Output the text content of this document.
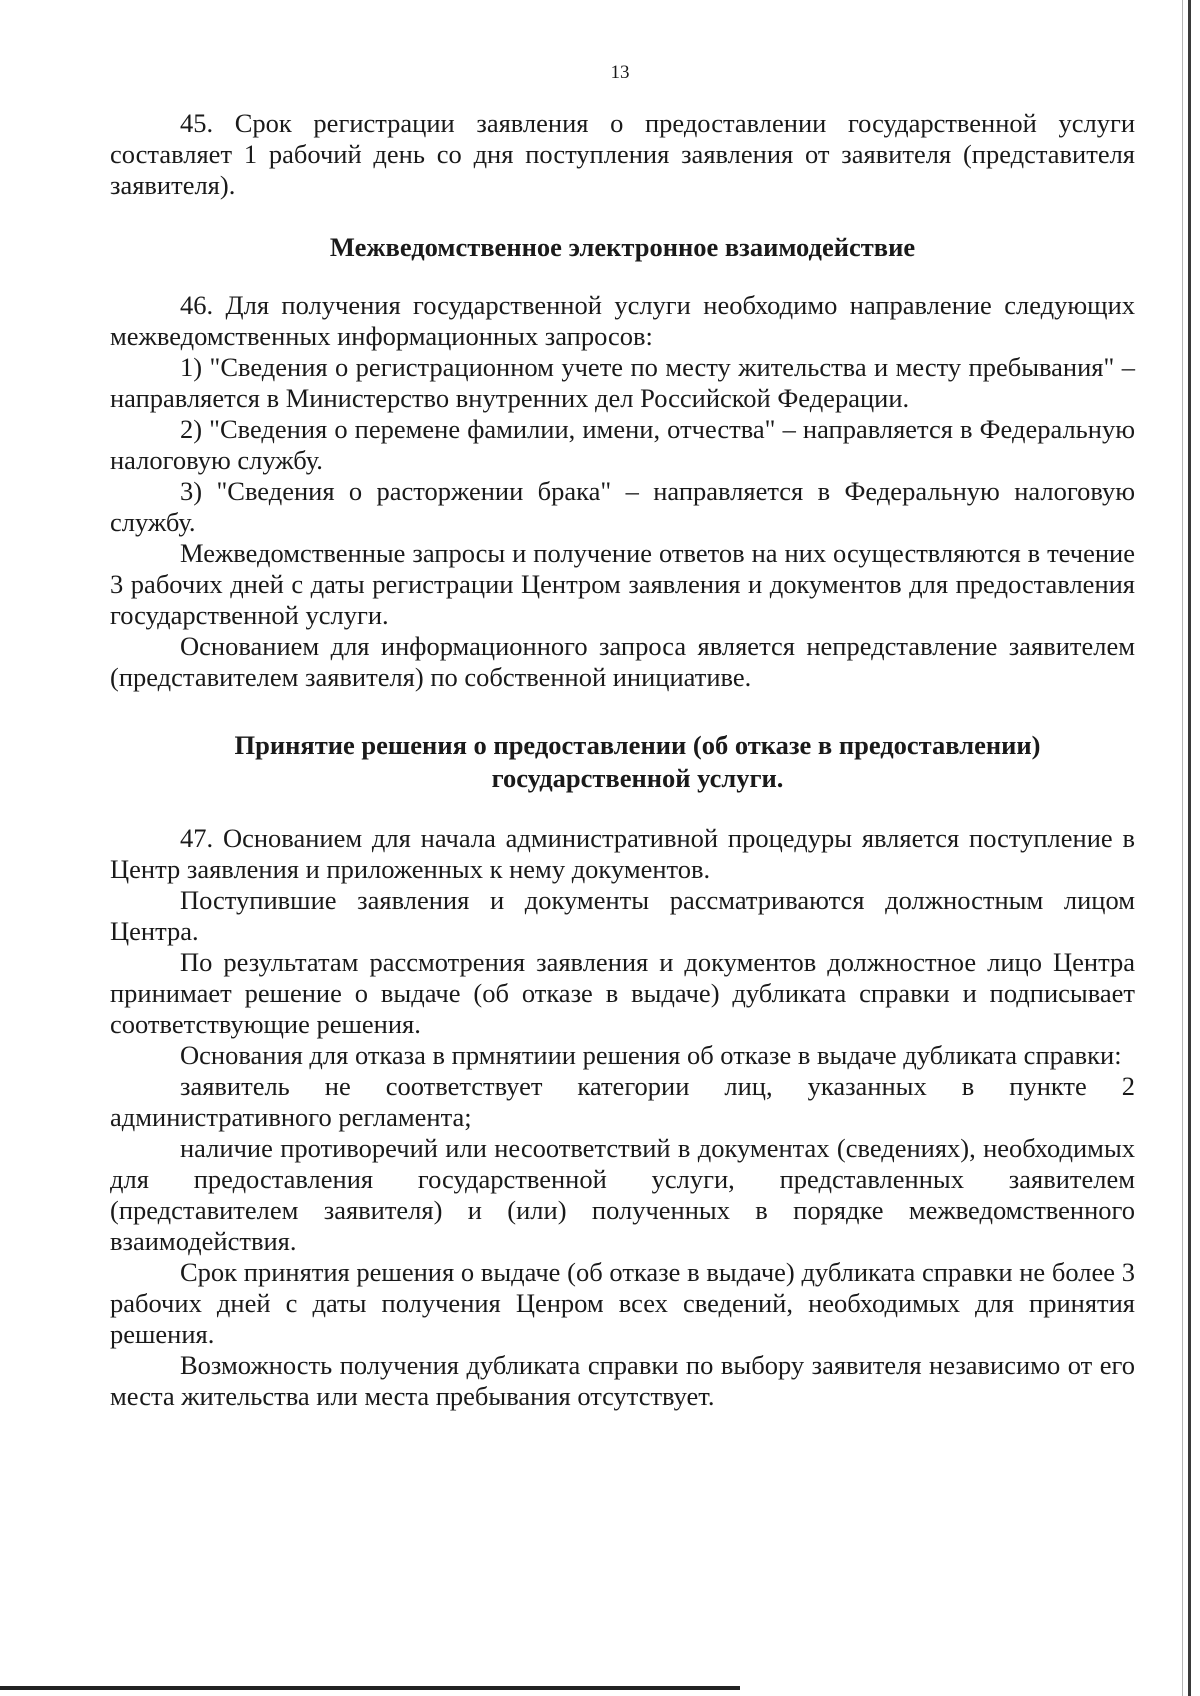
13

45. Срок регистрации заявления о предоставлении государственной услуги составляет 1 рабочий день со дня поступления заявления от заявителя (представителя заявителя).

Межведомственное электронное взаимодействие

46. Для получения государственной услуги необходимо направление следующих межведомственных информационных запросов:

1) "Сведения о регистрационном учете по месту жительства и месту пребывания" – направляется в Министерство внутренних дел Российской Федерации.

2) "Сведения о перемене фамилии, имени, отчества" – направляется в Федеральную налоговую службу.

3) "Сведения о расторжении брака" – направляется в Федеральную налоговую службу.

Межведомственные запросы и получение ответов на них осуществляются в течение 3 рабочих дней с даты регистрации Центром заявления и документов для предоставления государственной услуги.

Основанием для информационного запроса является непредставление заявителем (представителем заявителя) по собственной инициативе.

Принятие решения о предоставлении (об отказе в предоставлении)
государственной услуги.

47. Основанием для начала административной процедуры является поступление в Центр заявления и приложенных к нему документов.

Поступившие заявления и документы рассматриваются должностным лицом Центра.

По результатам рассмотрения заявления и документов должностное лицо Центра принимает решение о выдаче (об отказе в выдаче) дубликата справки и подписывает соответствующие решения.

Основания для отказа в прмнятиии решения об отказе в выдаче дубликата справки:

заявитель не соответствует категории лиц, указанных в пункте 2 административного регламента;

наличие противоречий или несоответствий в документах (сведениях), необходимых для предоставления государственной услуги, представленных заявителем (представителем заявителя) и (или) полученных в порядке межведомственного взаимодействия.

Срок принятия решения о выдаче (об отказе в выдаче) дубликата справки не более 3 рабочих дней с даты получения Ценром всех сведений, необходимых для принятия решения.

Возможность получения дубликата справки по выбору заявителя независимо от его места жительства или места пребывания отсутствует.
